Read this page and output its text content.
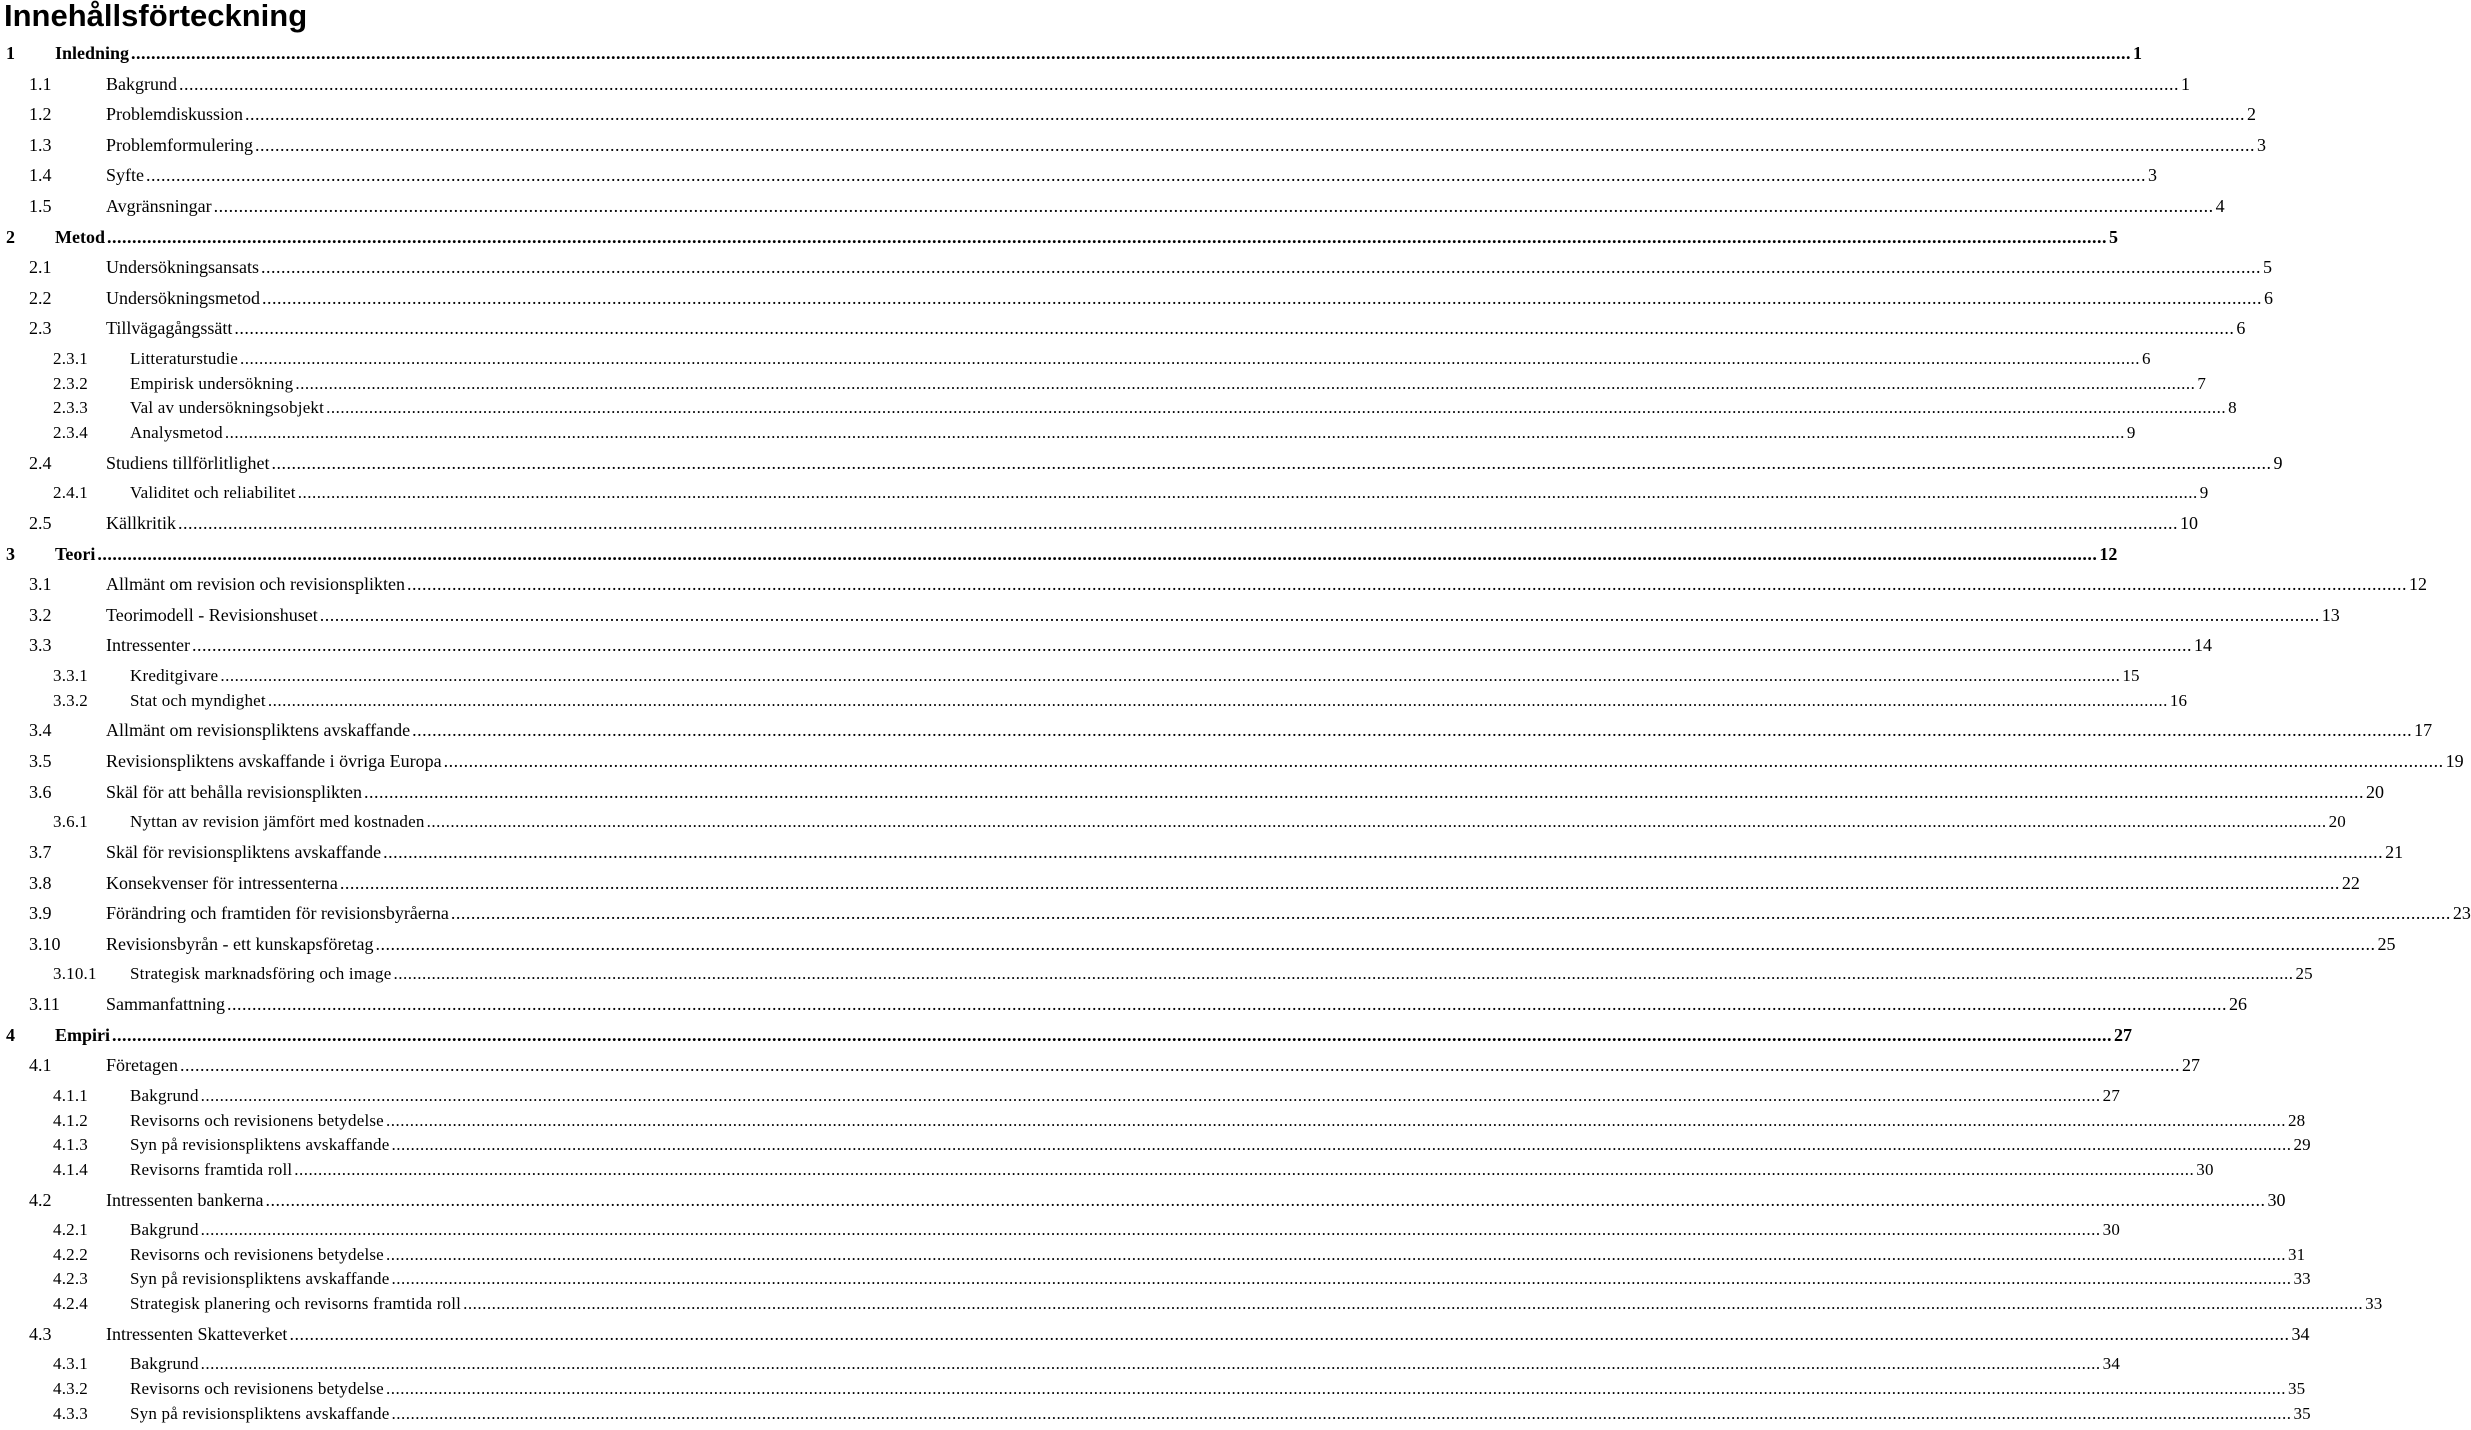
Innehållsförteckning
1	Inledning ................................................................................................................................................................................................................................................................................................................................................................................................................ 1
1.1	Bakgrund ................................................................................................................................................................................................................................................................................................................................................................................................................ 1
1.2	Problemdiskussion ................................................................................................................................................................................................................................................................................................................................................................................................................ 2
1.3	Problemformulering ................................................................................................................................................................................................................................................................................................................................................................................................................ 3
1.4	Syfte ................................................................................................................................................................................................................................................................................................................................................................................................................ 3
1.5	Avgränsningar ................................................................................................................................................................................................................................................................................................................................................................................................................ 4
2	Metod ................................................................................................................................................................................................................................................................................................................................................................................................................ 5
2.1	Undersökningsansats ................................................................................................................................................................................................................................................................................................................................................................................................................ 5
2.2	Undersökningsmetod ................................................................................................................................................................................................................................................................................................................................................................................................................ 6
2.3	Tillvägagångssätt ................................................................................................................................................................................................................................................................................................................................................................................................................ 6
2.3.1	Litteraturstudie ................................................................................................................................................................................................................................................................................................................................................................................................................ 6
2.3.2	Empirisk undersökning ................................................................................................................................................................................................................................................................................................................................................................................................................ 7
2.3.3	Val av undersökningsobjekt ................................................................................................................................................................................................................................................................................................................................................................................................................ 8
2.3.4	Analysmetod ................................................................................................................................................................................................................................................................................................................................................................................................................ 9
2.4	Studiens tillförlitlighet ................................................................................................................................................................................................................................................................................................................................................................................................................ 9
2.4.1	Validitet och reliabilitet ................................................................................................................................................................................................................................................................................................................................................................................................................ 9
2.5	Källkritik ................................................................................................................................................................................................................................................................................................................................................................................................................ 10
3	Teori ................................................................................................................................................................................................................................................................................................................................................................................................................ 12
3.1	Allmänt om revision och revisionsplikten ................................................................................................................................................................................................................................................................................................................................................................................................................ 12
3.2	Teorimodell - Revisionshuset ................................................................................................................................................................................................................................................................................................................................................................................................................ 13
3.3	Intressenter ................................................................................................................................................................................................................................................................................................................................................................................................................ 14
3.3.1	Kreditgivare ................................................................................................................................................................................................................................................................................................................................................................................................................ 15
3.3.2	Stat och myndighet ................................................................................................................................................................................................................................................................................................................................................................................................................ 16
3.4	Allmänt om revisionspliktens avskaffande ................................................................................................................................................................................................................................................................................................................................................................................................................ 17
3.5	Revisionspliktens avskaffande i övriga Europa ................................................................................................................................................................................................................................................................................................................................................................................................................ 19
3.6	Skäl för att behålla revisionsplikten ................................................................................................................................................................................................................................................................................................................................................................................................................ 20
3.6.1	Nyttan av revision jämfört med kostnaden ................................................................................................................................................................................................................................................................................................................................................................................................................ 20
3.7	Skäl för revisionspliktens avskaffande ................................................................................................................................................................................................................................................................................................................................................................................................................ 21
3.8	Konsekvenser för intressenterna ................................................................................................................................................................................................................................................................................................................................................................................................................ 22
3.9	Förändring och framtiden för revisionsbyråerna ................................................................................................................................................................................................................................................................................................................................................................................................................ 23
3.10	Revisionsbyrån - ett kunskapsföretag ................................................................................................................................................................................................................................................................................................................................................................................................................ 25
3.10.1	Strategisk marknadsföring och image ................................................................................................................................................................................................................................................................................................................................................................................................................ 25
3.11	Sammanfattning ................................................................................................................................................................................................................................................................................................................................................................................................................ 26
4	Empiri ................................................................................................................................................................................................................................................................................................................................................................................................................ 27
4.1	Företagen ................................................................................................................................................................................................................................................................................................................................................................................................................ 27
4.1.1	Bakgrund ................................................................................................................................................................................................................................................................................................................................................................................................................ 27
4.1.2	Revisorns och revisionens betydelse ................................................................................................................................................................................................................................................................................................................................................................................................................ 28
4.1.3	Syn på revisionspliktens avskaffande ................................................................................................................................................................................................................................................................................................................................................................................................................ 29
4.1.4	Revisorns framtida roll ................................................................................................................................................................................................................................................................................................................................................................................................................ 30
4.2	Intressenten bankerna ................................................................................................................................................................................................................................................................................................................................................................................................................ 30
4.2.1	Bakgrund ................................................................................................................................................................................................................................................................................................................................................................................................................ 30
4.2.2	Revisorns och revisionens betydelse ................................................................................................................................................................................................................................................................................................................................................................................................................ 31
4.2.3	Syn på revisionspliktens avskaffande ................................................................................................................................................................................................................................................................................................................................................................................................................ 33
4.2.4	Strategisk planering och revisorns framtida roll ................................................................................................................................................................................................................................................................................................................................................................................................................ 33
4.3	Intressenten Skatteverket ................................................................................................................................................................................................................................................................................................................................................................................................................ 34
4.3.1	Bakgrund ................................................................................................................................................................................................................................................................................................................................................................................................................ 34
4.3.2	Revisorns och revisionens betydelse ................................................................................................................................................................................................................................................................................................................................................................................................................ 35
4.3.3	Syn på revisionspliktens avskaffande ................................................................................................................................................................................................................................................................................................................................................................................................................ 35
